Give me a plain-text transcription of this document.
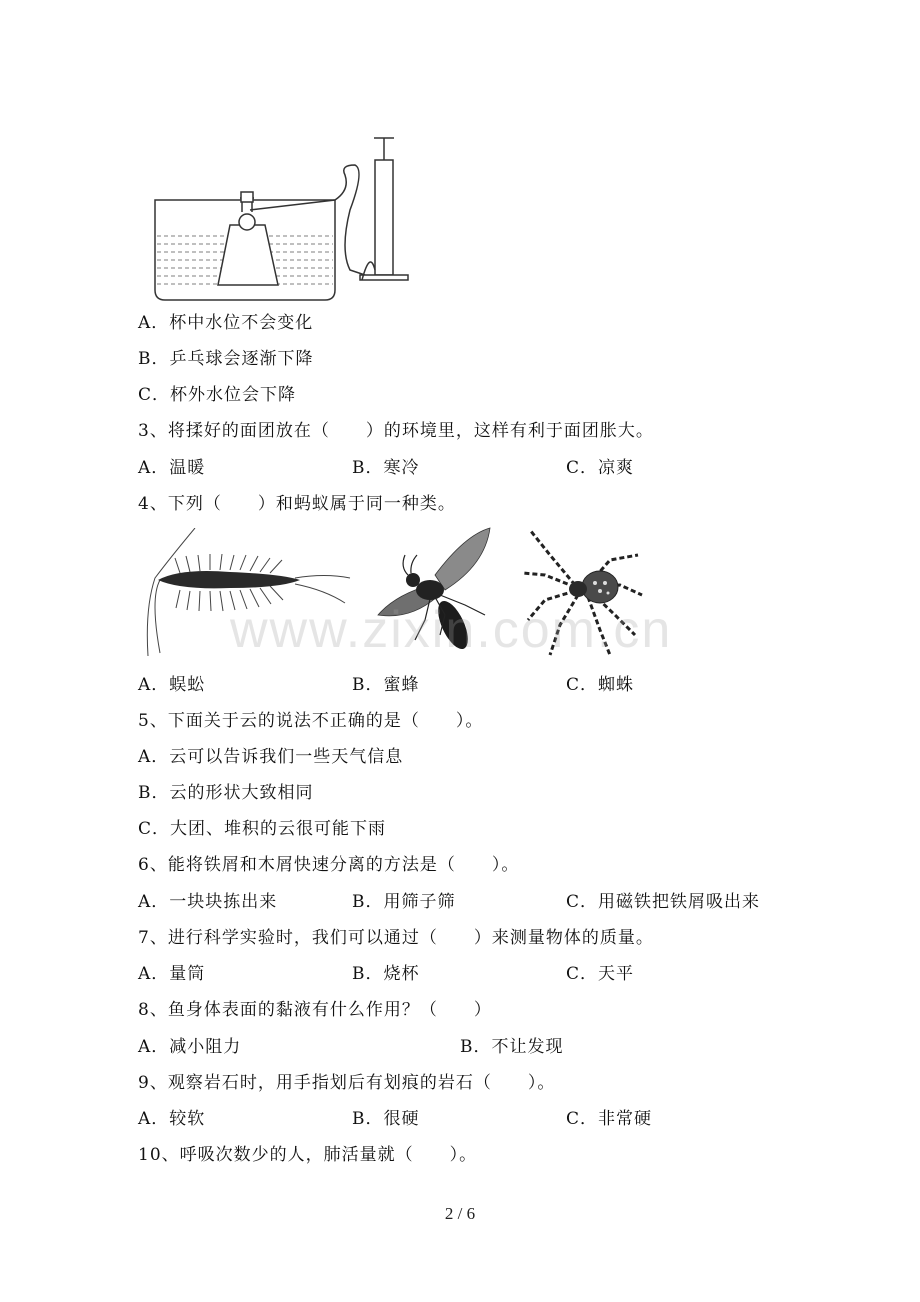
A．杯中水位不会变化
B．乒乓球会逐渐下降
C．杯外水位会下降
3、将揉好的面团放在（　　）的环境里，这样有利于面团胀大。
A．温暖	B．寒冷	C．凉爽
4、下列（　　）和蚂蚁属于同一种类。
www.zixin.com.cn
A．蜈蚣	B．蜜蜂	C．蜘蛛
5、下面关于云的说法不正确的是（　　）。
A．云可以告诉我们一些天气信息
B．云的形状大致相同
C．大团、堆积的云很可能下雨
6、能将铁屑和木屑快速分离的方法是（　　）。
A．一块块拣出来	B．用筛子筛	C．用磁铁把铁屑吸出来
7、进行科学实验时，我们可以通过（　　）来测量物体的质量。
A．量筒	B．烧杯	C．天平
8、鱼身体表面的黏液有什么作用？（　　）
A．减小阻力	B．不让发现
9、观察岩石时，用手指划后有划痕的岩石（　　）。
A．较软	B．很硬	C．非常硬
10、呼吸次数少的人，肺活量就（　　）。
2 / 6
